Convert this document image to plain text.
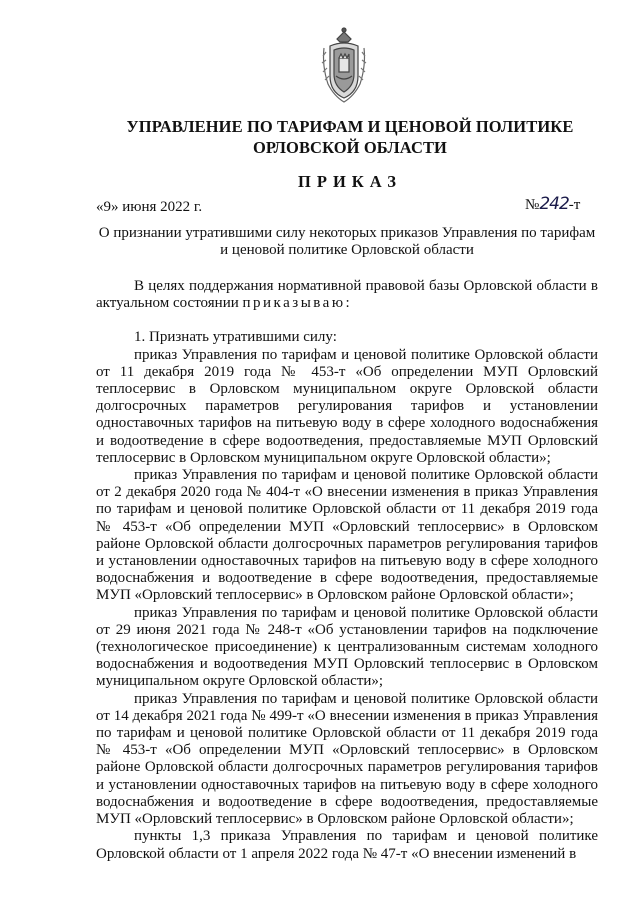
УПРАВЛЕНИЕ ПО ТАРИФАМ И ЦЕНОВОЙ ПОЛИТИКЕ
ОРЛОВСКОЙ ОБЛАСТИ
ПРИКАЗ
«9» июня 2022 г.	№242-т
О признании утратившими силу некоторых приказов Управления по тарифам и ценовой политике Орловской области

В целях поддержания нормативной правовой базы Орловской области в актуальном состоянии приказываю:

1. Признать утратившими силу:

приказ Управления по тарифам и ценовой политике Орловской области от 11 декабря 2019 года № 453-т «Об определении МУП Орловский теплосервис в Орловском муниципальном округе Орловской области долгосрочных параметров регулирования тарифов и установлении одноставочных тарифов на питьевую воду в сфере холодного водоснабжения и водоотведение в сфере водоотведения, предоставляемые МУП Орловский теплосервис в Орловском муниципальном округе Орловской области»;

приказ Управления по тарифам и ценовой политике Орловской области от 2 декабря 2020 года № 404-т «О внесении изменения в приказ Управления по тарифам и ценовой политике Орловской области от 11 декабря 2019 года № 453-т «Об определении МУП «Орловский теплосервис» в Орловском районе Орловской области долгосрочных параметров регулирования тарифов и установлении одноставочных тарифов на питьевую воду в сфере холодного водоснабжения и водоотведение в сфере водоотведения, предоставляемые МУП «Орловский теплосервис» в Орловском районе Орловской области»;

приказ Управления по тарифам и ценовой политике Орловской области от 29 июня 2021 года № 248-т «Об установлении тарифов на подключение (технологическое присоединение) к централизованным системам холодного водоснабжения и водоотведения МУП Орловский теплосервис в Орловском муниципальном округе Орловской области»;

приказ Управления по тарифам и ценовой политике Орловской области от 14 декабря 2021 года № 499-т «О внесении изменения в приказ Управления по тарифам и ценовой политике Орловской области от 11 декабря 2019 года № 453-т «Об определении МУП «Орловский теплосервис» в Орловском районе Орловской области долгосрочных параметров регулирования тарифов и установлении одноставочных тарифов на питьевую воду в сфере холодного водоснабжения и водоотведение в сфере водоотведения, предоставляемые МУП «Орловский теплосервис» в Орловском районе Орловской области»;

пункты 1,3 приказа Управления по тарифам и ценовой политике Орловской области от 1 апреля 2022 года № 47-т «О внесении изменений в
